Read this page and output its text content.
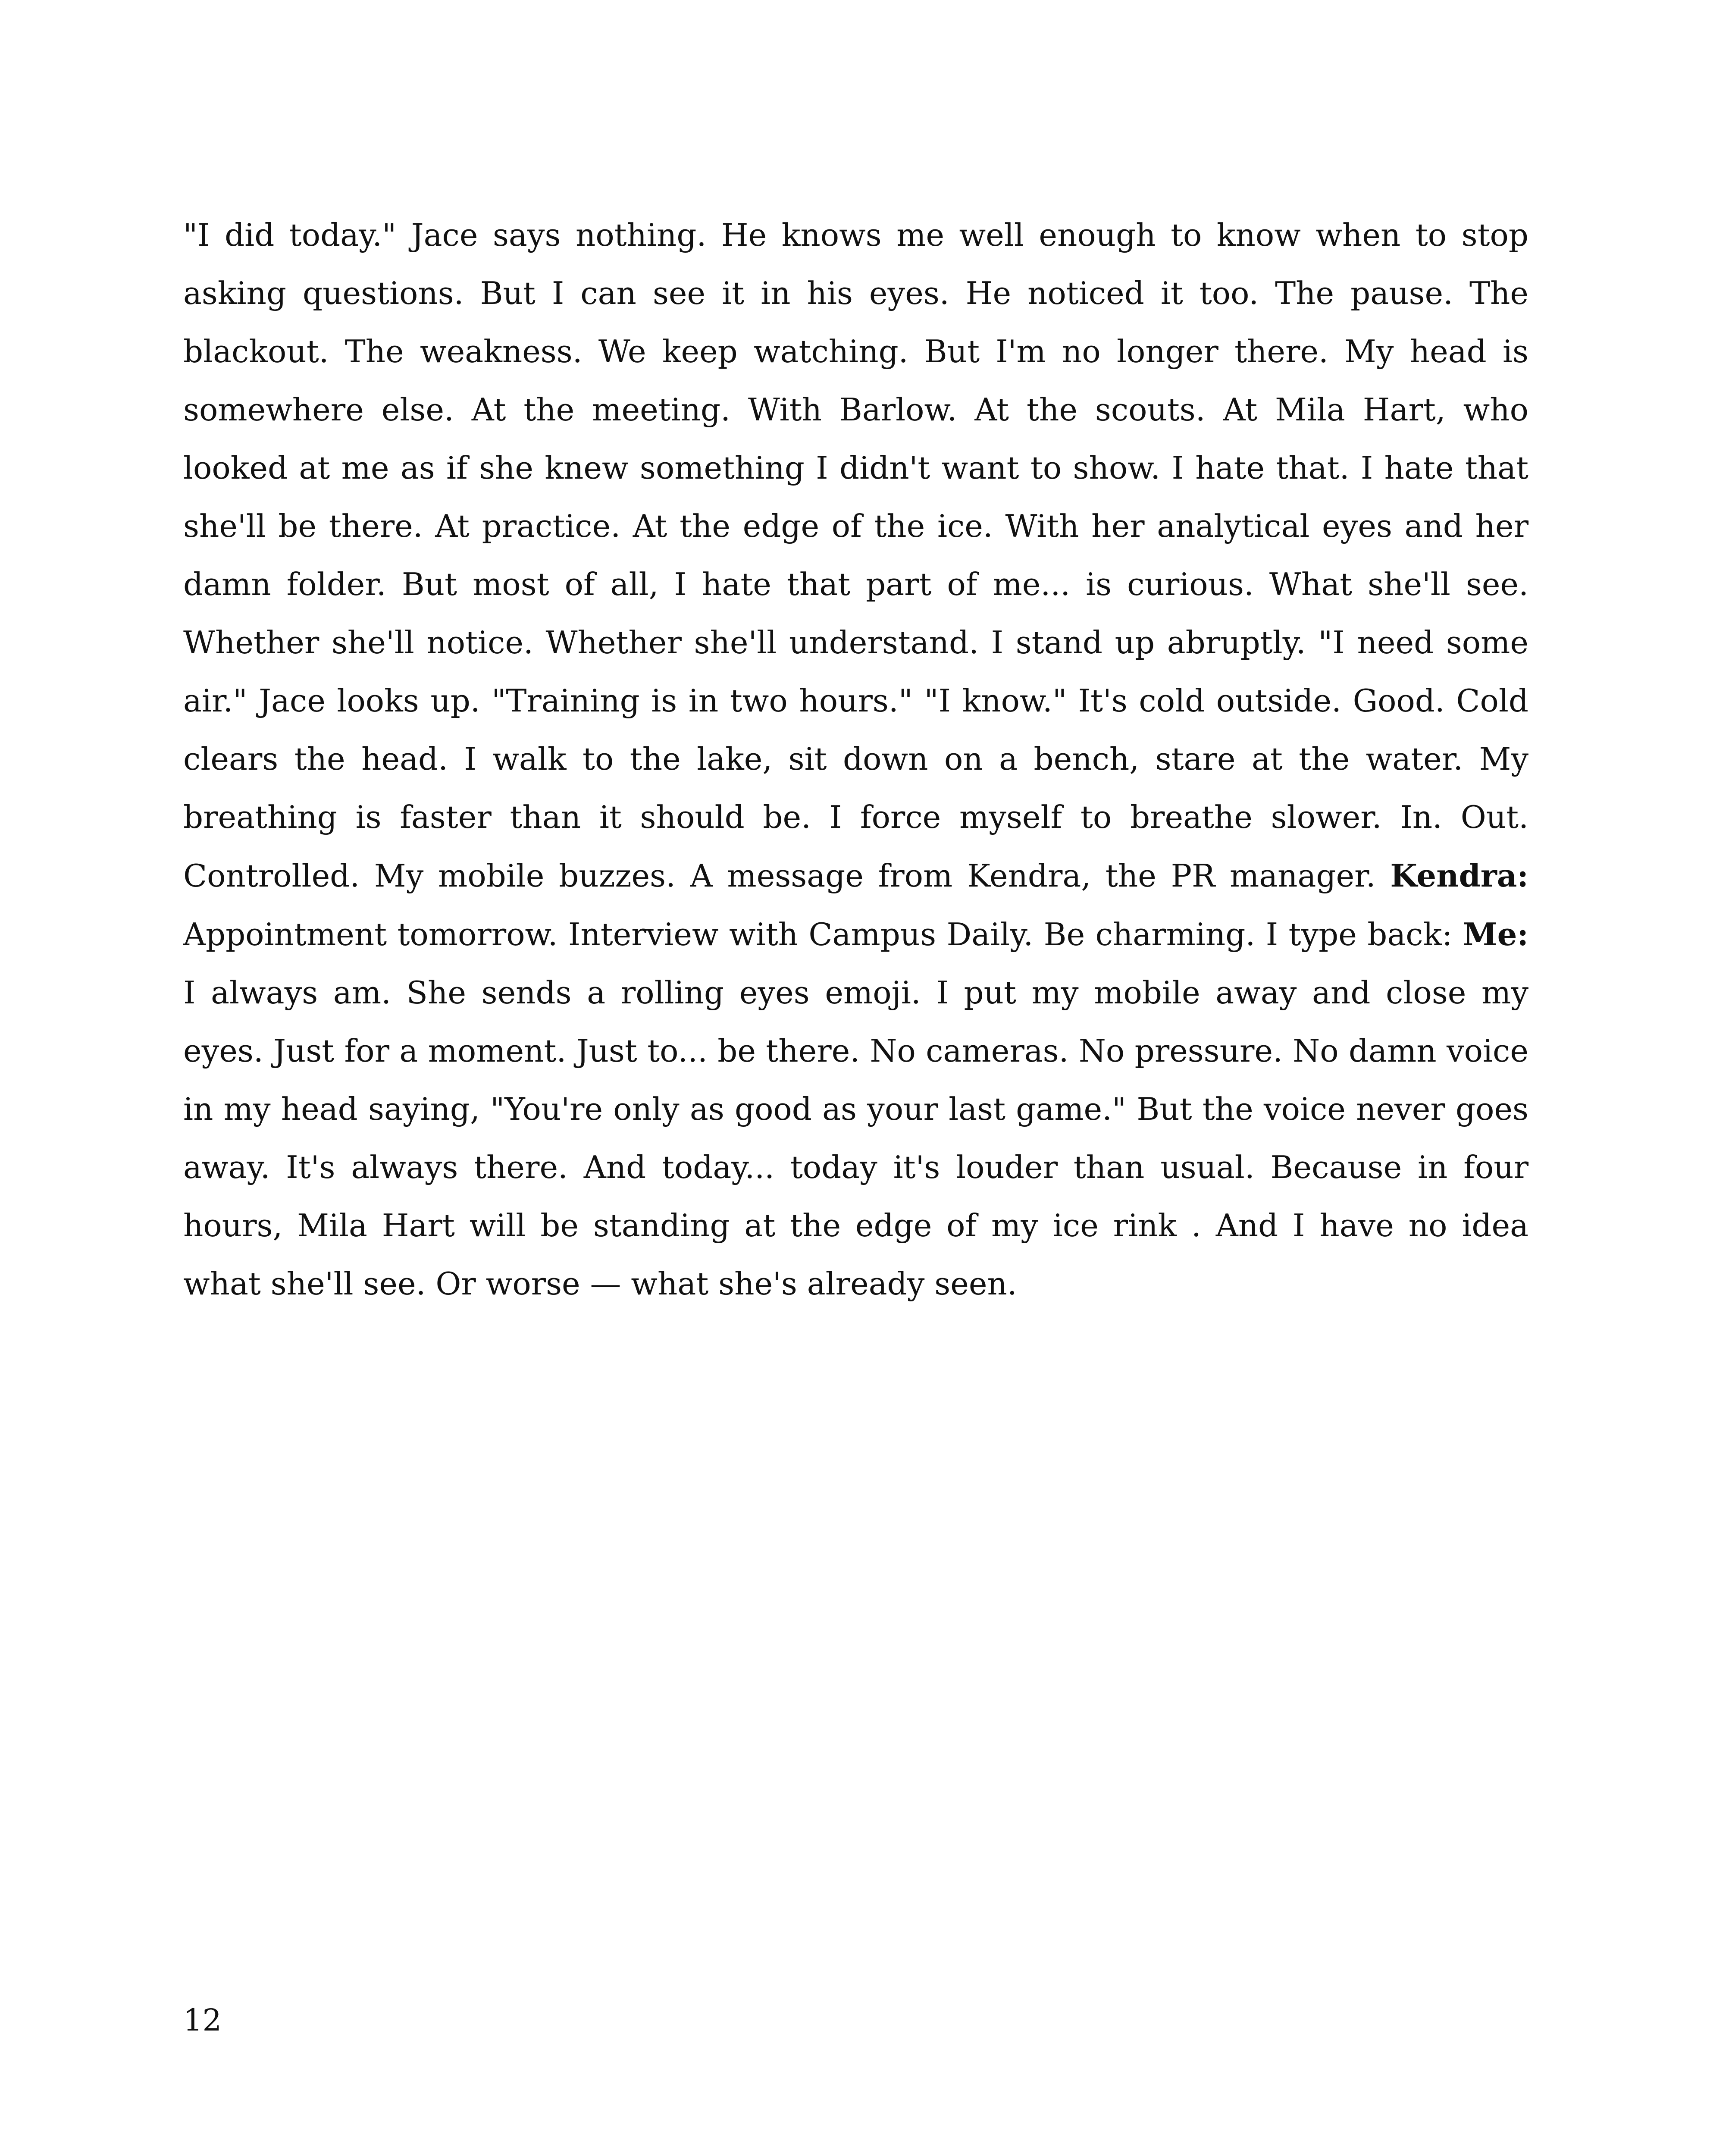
"I did today." Jace says nothing. He knows me well enough to know when to stop asking questions. But I can see it in his eyes. He noticed it too. The pause. The blackout. The weakness. We keep watching. But I'm no longer there. My head is somewhere else. At the meeting. With Barlow. At the scouts. At Mila Hart, who looked at me as if she knew something I didn't want to show. I hate that. I hate that she'll be there. At practice. At the edge of the ice. With her analytical eyes and her damn folder. But most of all, I hate that part of me... is curious. What she'll see. Whether she'll notice. Whether she'll understand. I stand up abruptly. "I need some air." Jace looks up. "Training is in two hours." "I know." It's cold outside. Good. Cold clears the head. I walk to the lake, sit down on a bench, stare at the water. My breathing is faster than it should be. I force myself to breathe slower. In. Out. Controlled. My mobile buzzes. A message from Kendra, the PR manager. Kendra: Appointment tomorrow. Interview with Campus Daily. Be charming. I type back: Me: I always am. She sends a rolling eyes emoji. I put my mobile away and close my eyes. Just for a moment. Just to... be there. No cameras. No pressure. No damn voice in my head saying, "You're only as good as your last game." But the voice never goes away. It's always there. And today... today it's louder than usual. Because in four hours, Mila Hart will be standing at the edge of my ice rink . And I have no idea what she'll see. Or worse — what she's already seen.

12
